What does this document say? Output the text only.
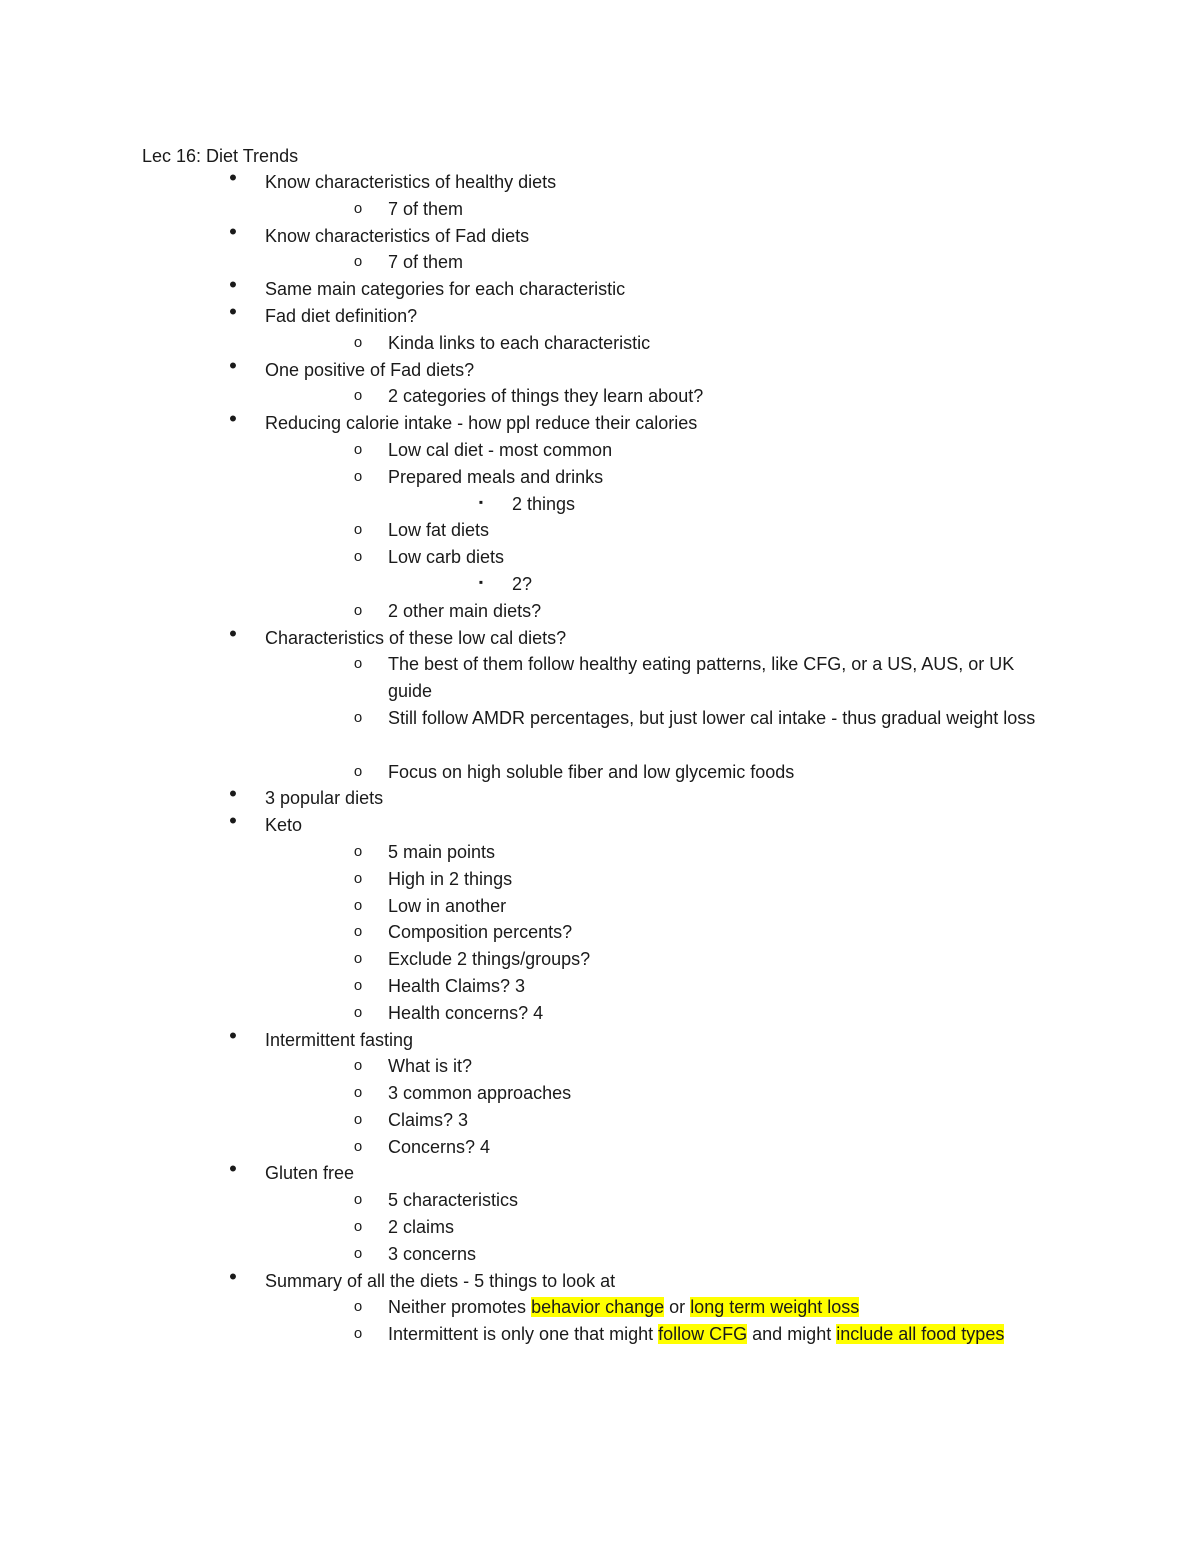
Lec 16: Diet Trends
• Know characteristics of healthy diets
o 7 of them
• Know characteristics of Fad diets
o 7 of them
• Same main categories for each characteristic
• Fad diet definition?
o Kinda links to each characteristic
• One positive of Fad diets?
o 2 categories of things they learn about?
• Reducing calorie intake - how ppl reduce their calories
o Low cal diet - most common
o Prepared meals and drinks
▪	2 things
o Low fat diets
o Low carb diets
▪	2?
o 2 other main diets?
• Characteristics of these low cal diets?
o The best of them follow healthy eating patterns, like CFG, or a US, AUS, or UK guide
o Still follow AMDR percentages, but just lower cal intake - thus gradual weight loss
o Focus on high soluble fiber and low glycemic foods
• 3 popular diets
• Keto
o 5 main points
o High in 2 things
o Low in another
o Composition percents?
o Exclude 2 things/groups?
o Health Claims? 3
o Health concerns? 4
• Intermittent fasting
o What is it?
o 3 common approaches
o Claims? 3
o Concerns? 4
• Gluten free
o 5 characteristics
o 2 claims
o 3 concerns
• Summary of all the diets - 5 things to look at
o Neither promotes behavior change or long term weight loss
o Intermittent is only one that might follow CFG and might include all food types
